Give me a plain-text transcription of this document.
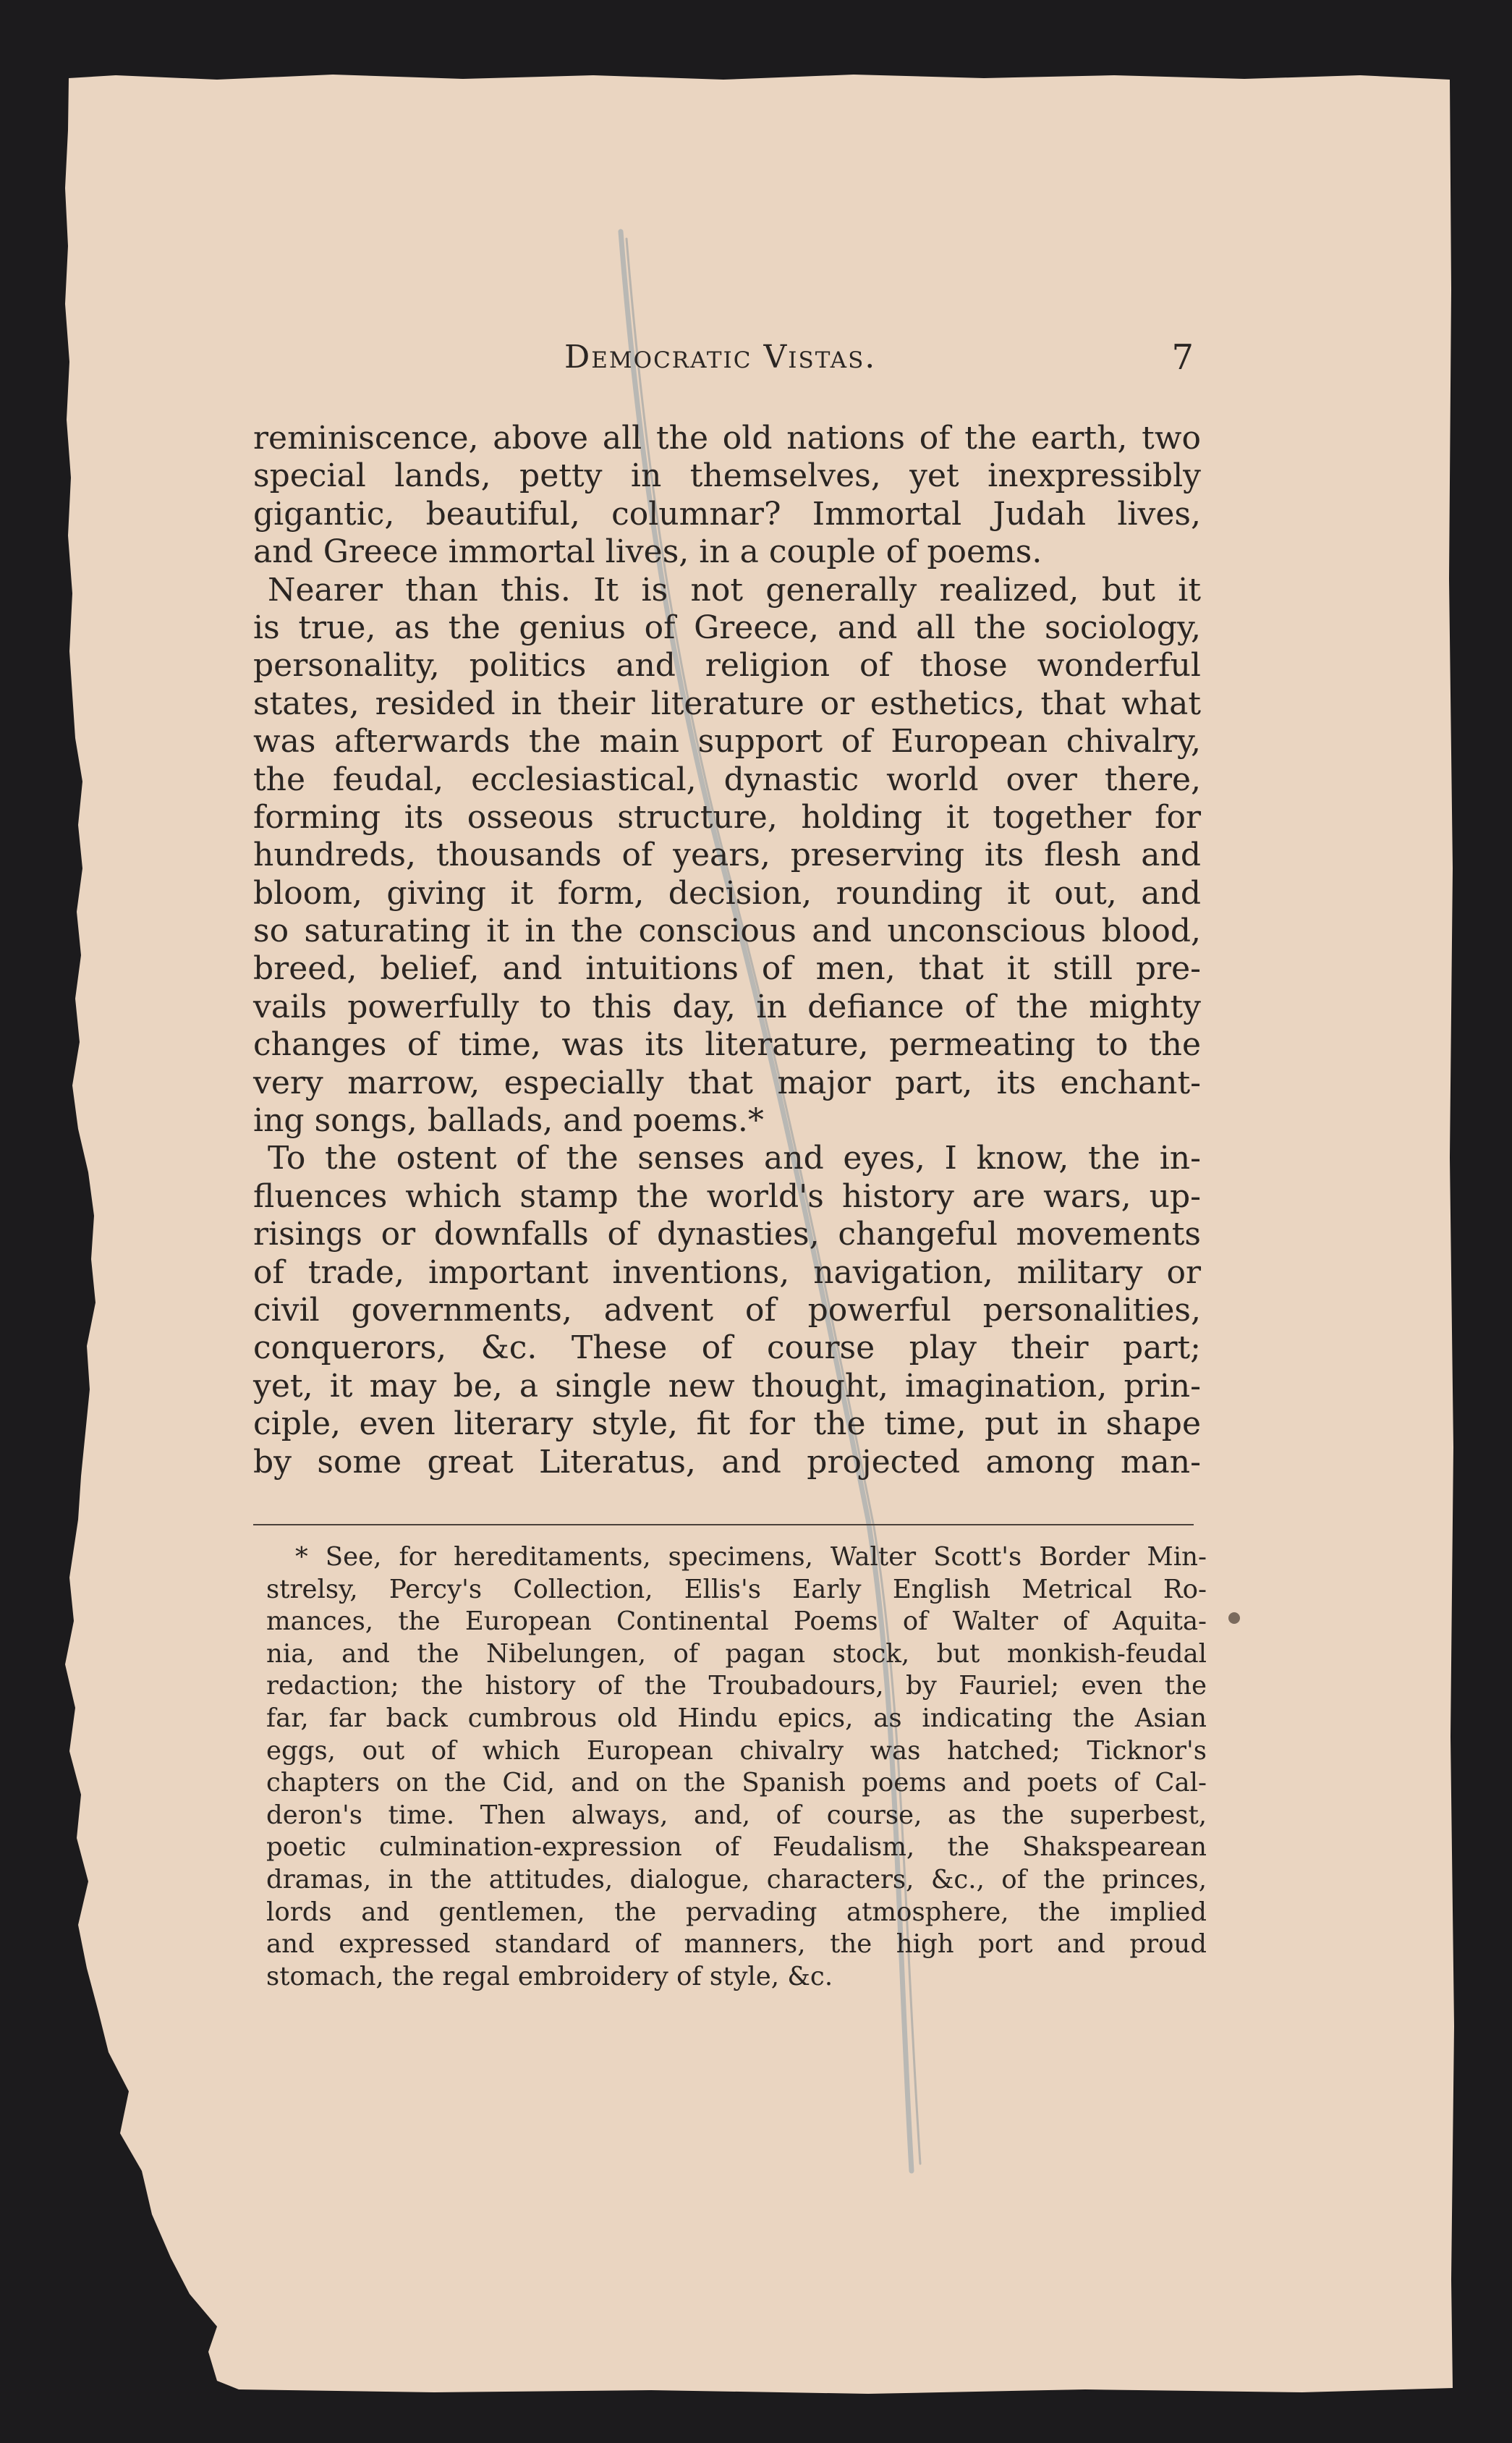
Democratic Vistas.	7
reminiscence, above all the old nations of the earth, two
special lands, petty in themselves, yet inexpressibly
gigantic, beautiful, columnar? Immortal Judah lives,
and Greece immortal lives, in a couple of poems.
Nearer than this. It is not generally realized, but it
is true, as the genius of Greece, and all the sociology,
personality, politics and religion of those wonderful
states, resided in their literature or esthetics, that what
was afterwards the main support of European chivalry,
the feudal, ecclesiastical, dynastic world over there,
forming its osseous structure, holding it together for
hundreds, thousands of years, preserving its flesh and
bloom, giving it form, decision, rounding it out, and
so saturating it in the conscious and unconscious blood,
breed, belief, and intuitions of men, that it still pre-
vails powerfully to this day, in defiance of the mighty
changes of time, was its literature, permeating to the
very marrow, especially that major part, its enchant-
ing songs, ballads, and poems.*
To the ostent of the senses and eyes, I know, the in-
fluences which stamp the world's history are wars, up-
risings or downfalls of dynasties, changeful movements
of trade, important inventions, navigation, military or
civil governments, advent of powerful personalities,
conquerors, &c. These of course play their part;
yet, it may be, a single new thought, imagination, prin-
ciple, even literary style, fit for the time, put in shape
by some great Literatus, and projected among man-
* See, for hereditaments, specimens, Walter Scott's Border Min-
strelsy, Percy's Collection, Ellis's Early English Metrical Ro-
mances, the European Continental Poems of Walter of Aquita-
nia, and the Nibelungen, of pagan stock, but monkish-feudal
redaction; the history of the Troubadours, by Fauriel; even the
far, far back cumbrous old Hindu epics, as indicating the Asian
eggs, out of which European chivalry was hatched; Ticknor's
chapters on the Cid, and on the Spanish poems and poets of Cal-
deron's time. Then always, and, of course, as the superbest,
poetic culmination-expression of Feudalism, the Shakspearean
dramas, in the attitudes, dialogue, characters, &c., of the princes,
lords and gentlemen, the pervading atmosphere, the implied
and expressed standard of manners, the high port and proud
stomach, the regal embroidery of style, &c.
